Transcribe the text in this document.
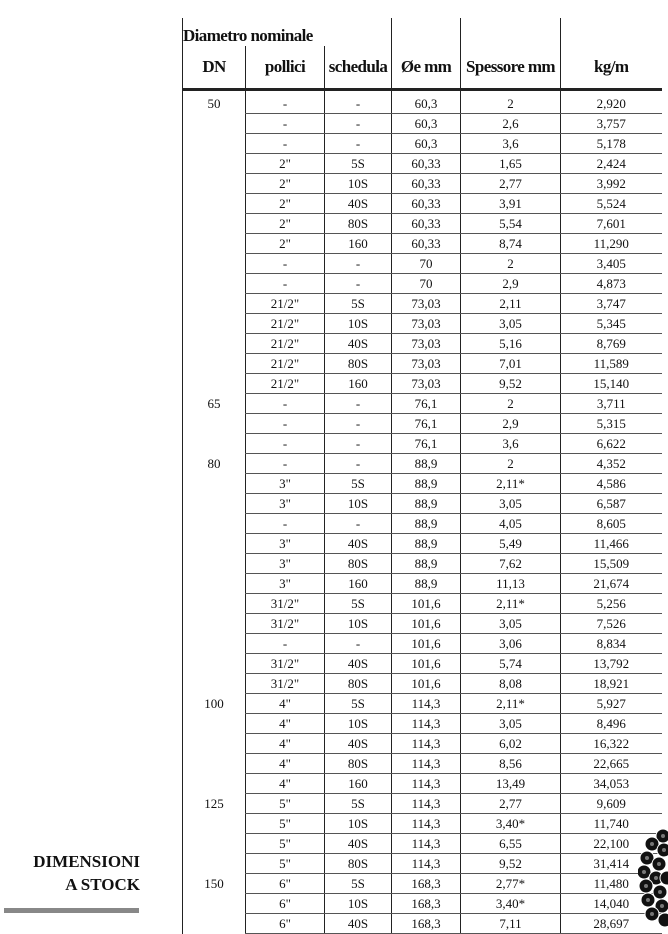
Diametro nominale					
DN	pollici	schedula	Øe mm	Spessore mm	kg/m
50	-	-	60,3	2	2,920
	-	-	60,3	2,6	3,757
	-	-	60,3	3,6	5,178
	2"	5S	60,33	1,65	2,424
	2"	10S	60,33	2,77	3,992
	2"	40S	60,33	3,91	5,524
	2"	80S	60,33	5,54	7,601
	2"	160	60,33	8,74	11,290
	-	-	70	2	3,405
	-	-	70	2,9	4,873
	21/2"	5S	73,03	2,11	3,747
	21/2"	10S	73,03	3,05	5,345
	21/2"	40S	73,03	5,16	8,769
	21/2"	80S	73,03	7,01	11,589
	21/2"	160	73,03	9,52	15,140
65	-	-	76,1	2	3,711
	-	-	76,1	2,9	5,315
	-	-	76,1	3,6	6,622
80	-	-	88,9	2	4,352
	3"	5S	88,9	2,11*	4,586
	3"	10S	88,9	3,05	6,587
	-	-	88,9	4,05	8,605
	3"	40S	88,9	5,49	11,466
	3"	80S	88,9	7,62	15,509
	3"	160	88,9	11,13	21,674
	31/2"	5S	101,6	2,11*	5,256
	31/2"	10S	101,6	3,05	7,526
	-	-	101,6	3,06	8,834
	31/2"	40S	101,6	5,74	13,792
	31/2"	80S	101,6	8,08	18,921
100	4"	5S	114,3	2,11*	5,927
	4"	10S	114,3	3,05	8,496
	4"	40S	114,3	6,02	16,322
	4"	80S	114,3	8,56	22,665
	4"	160	114,3	13,49	34,053
125	5"	5S	114,3	2,77	9,609
	5"	10S	114,3	3,40*	11,740
	5"	40S	114,3	6,55	22,100
	5"	80S	114,3	9,52	31,414
150	6"	5S	168,3	2,77*	11,480
	6"	10S	168,3	3,40*	14,040
	6"	40S	168,3	7,11	28,697
DIMENSIONI
A STOCK
